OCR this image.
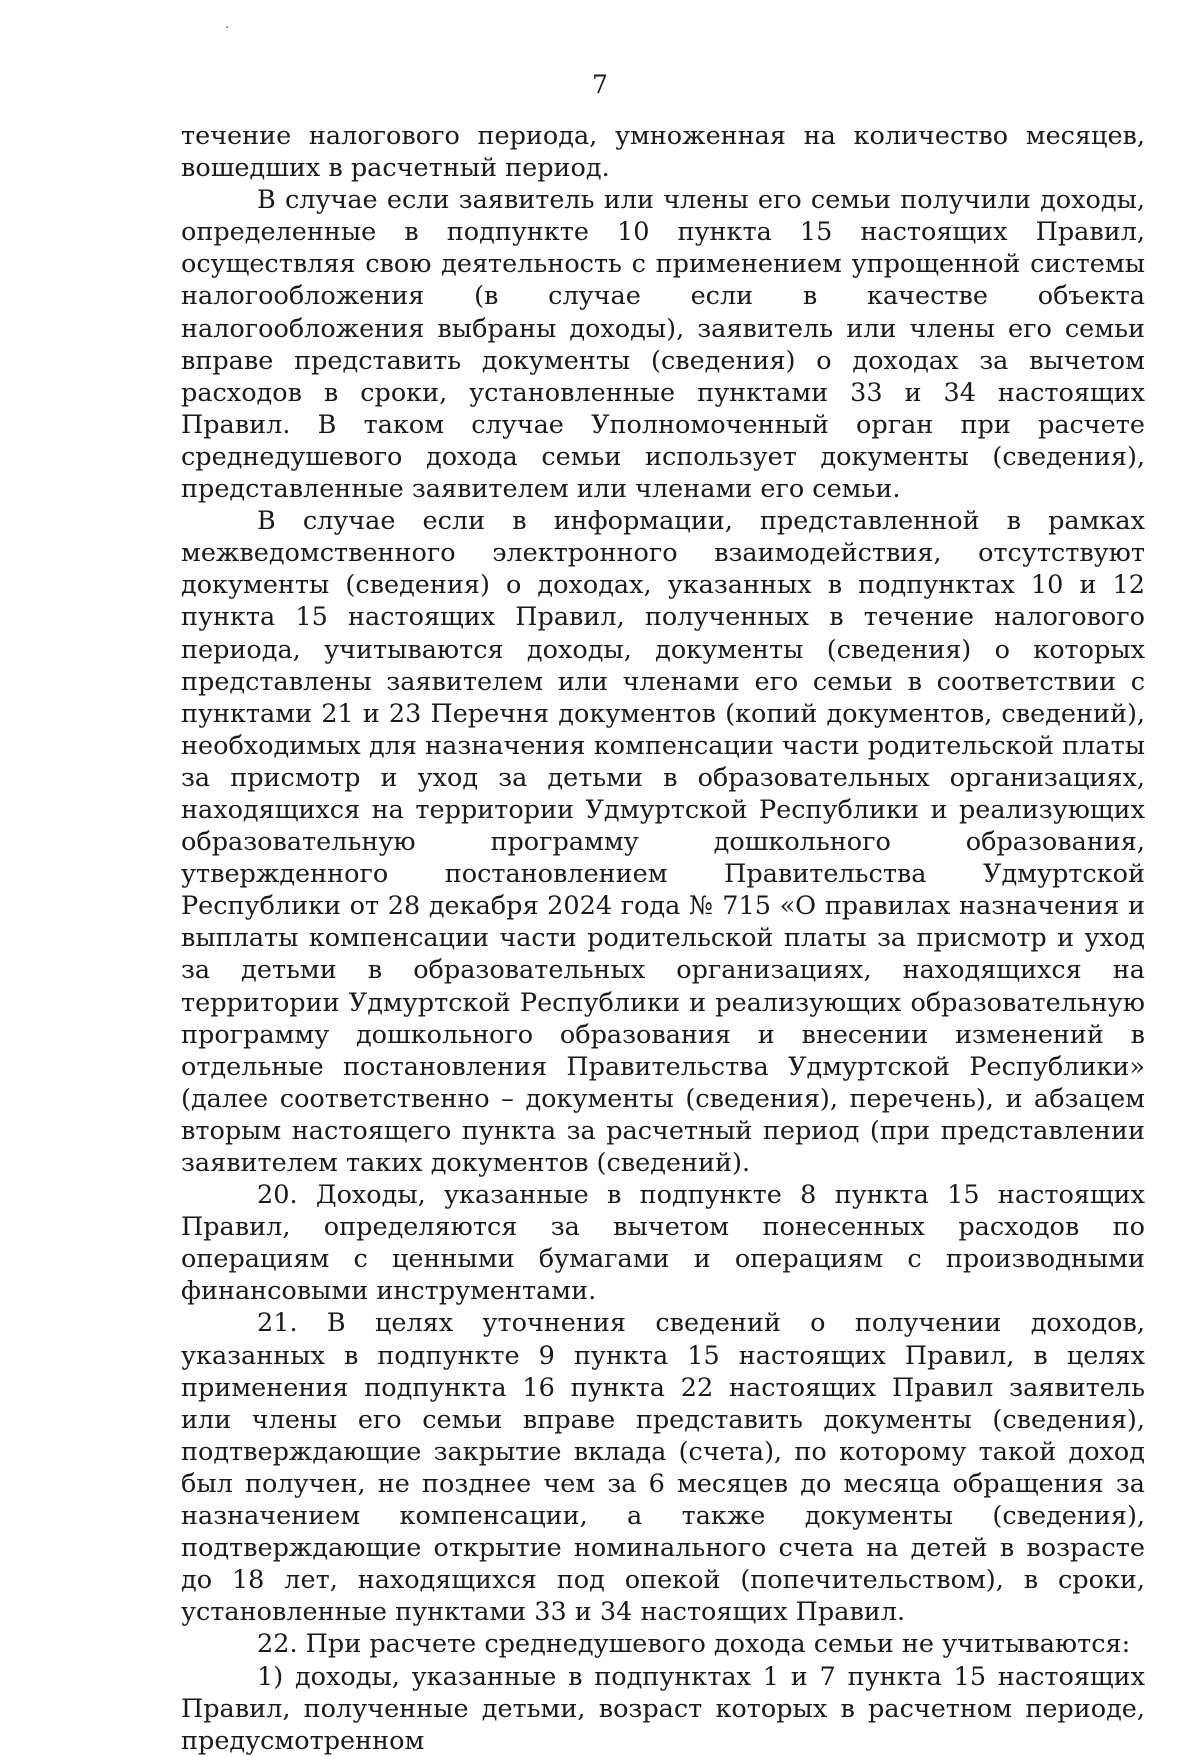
7

течение налогового периода, умноженная на количество месяцев, вошедших в расчетный период.

В случае если заявитель или члены его семьи получили доходы, определенные в подпункте 10 пункта 15 настоящих Правил, осуществляя свою деятельность с применением упрощенной системы налогообложения (в случае если в качестве объекта налогообложения выбраны доходы), заявитель или члены его семьи вправе представить документы (сведения) о доходах за вычетом расходов в сроки, установленные пунктами 33 и 34 настоящих Правил. В таком случае Уполномоченный орган при расчете среднедушевого дохода семьи использует документы (сведения), представленные заявителем или членами его семьи.

В случае если в информации, представленной в рамках межведомственного электронного взаимодействия, отсутствуют документы (сведения) о доходах, указанных в подпунктах 10 и 12 пункта 15 настоящих Правил, полученных в течение налогового периода, учитываются доходы, документы (сведения) о которых представлены заявителем или членами его семьи в соответствии с пунктами 21 и 23 Перечня документов (копий документов, сведений), необходимых для назначения компенсации части родительской платы за присмотр и уход за детьми в образовательных организациях, находящихся на территории Удмуртской Республики и реализующих образовательную программу дошкольного образования, утвержденного постановлением Правительства Удмуртской Республики от 28 декабря 2024 года № 715 «О правилах назначения и выплаты компенсации части родительской платы за присмотр и уход за детьми в образовательных организациях, находящихся на территории Удмуртской Республики и реализующих образовательную программу дошкольного образования и внесении изменений в отдельные постановления Правительства Удмуртской Республики» (далее соответственно – документы (сведения), перечень), и абзацем вторым настоящего пункта за расчетный период (при представлении заявителем таких документов (сведений).

20. Доходы, указанные в подпункте 8 пункта 15 настоящих Правил, определяются за вычетом понесенных расходов по операциям с ценными бумагами и операциям с производными финансовыми инструментами.

21. В целях уточнения сведений о получении доходов, указанных в подпункте 9 пункта 15 настоящих Правил, в целях применения подпункта 16 пункта 22 настоящих Правил заявитель или члены его семьи вправе представить документы (сведения), подтверждающие закрытие вклада (счета), по которому такой доход был получен, не позднее чем за 6 месяцев до месяца обращения за назначением компенсации, а также документы (сведения), подтверждающие открытие номинального счета на детей в возрасте до 18 лет, находящихся под опекой (попечительством), в сроки, установленные пунктами 33 и 34 настоящих Правил.

22. При расчете среднедушевого дохода семьи не учитываются:

1) доходы, указанные в подпунктах 1 и 7 пункта 15 настоящих Правил, полученные детьми, возраст которых в расчетном периоде, предусмотренном
